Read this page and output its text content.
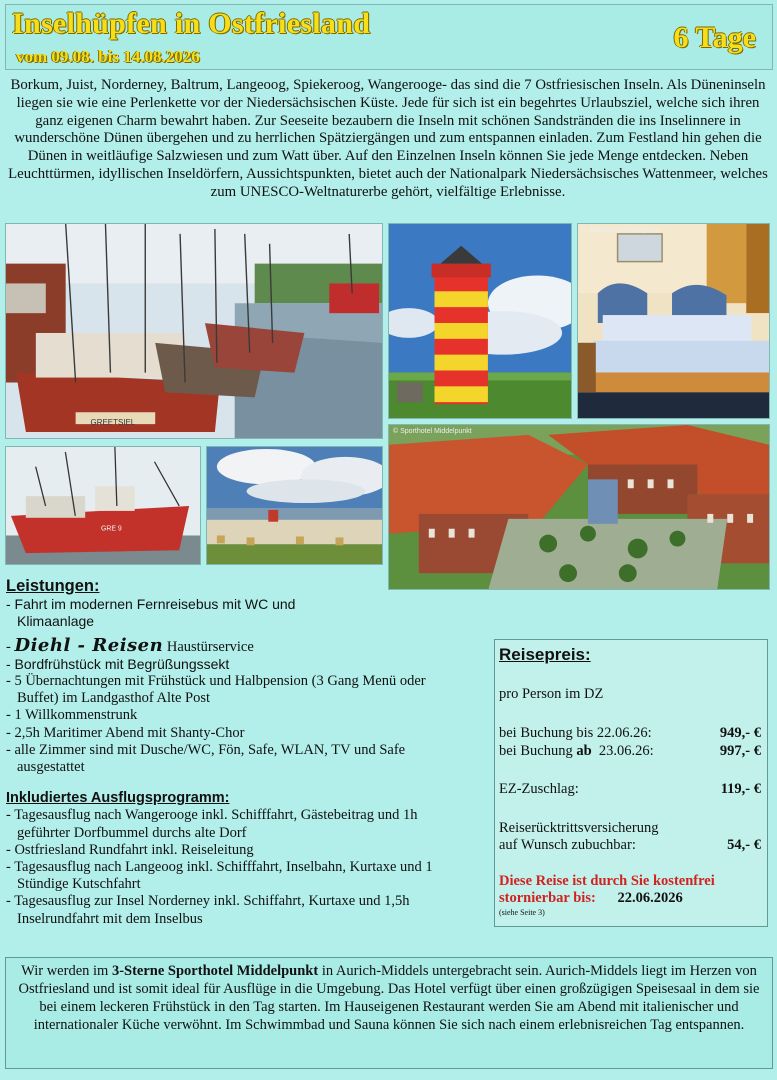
Inselhüpfen in Ostfriesland
vom 09.08. bis 14.08.2026
6 Tage

Borkum, Juist, Norderney, Baltrum, Langeoog, Spiekeroog, Wangerooge- das sind die 7 Ostfriesischen Inseln. Als Düneninseln liegen sie wie eine Perlenkette vor der Niedersächsischen Küste. Jede für sich ist ein begehrtes Urlaubsziel, welche sich ihren ganz eigenen Charm bewahrt haben. Zur Seeseite bezaubern die Inseln mit schönen Sandstränden die ins Inselinnere in wunderschöne Dünen übergehen und zu herrlichen Spätziergängen und zum entspannen einladen. Zum Festland hin gehen die Dünen in weitläufige Salzwiesen und zum Watt über. Auf den Einzelnen Inseln können Sie jede Menge entdecken. Neben Leuchttürmen, idyllischen Inseldörfern, Aussichtspunkten, bietet auch der Nationalpark Niedersächsisches Wattenmeer, welches zum UNESCO-Weltnaturerbe gehört, vielfältige Erlebnisse.

GREETSIEL
© Sporthotel Middelpunkt
GRE 9
© Sporthotel Middelpunkt
Leistungen:
- Fahrt im modernen Fernreisebus mit WC und Klimaanlage
- Diehl - Reisen Haustürservice
- Bordfrühstück mit Begrüßungssekt
- 5 Übernachtungen mit Frühstück und Halbpension (3 Gang Menü oder Buffet) im Landgasthof Alte Post
- 1 Willkommenstrunk
- 2,5h Maritimer Abend mit Shanty-Chor
- alle Zimmer sind mit Dusche/WC, Fön, Safe, WLAN, TV und Safe ausgestattet
Inkludiertes Ausflugsprogramm:
- Tagesausflug nach Wangerooge inkl. Schifffahrt, Gästebeitrag und 1h geführter Dorfbummel durchs alte Dorf
- Ostfriesland Rundfahrt inkl. Reiseleitung
- Tagesausflug nach Langeoog inkl. Schifffahrt, Inselbahn, Kurtaxe und 1 Stündige Kutschfahrt
- Tagesausflug zur Insel Norderney inkl. Schiffahrt, Kurtaxe und 1,5h Inselrundfahrt mit dem Inselbus
Reisepreis:
pro Person im DZ
bei Buchung bis 22.06.26:	949,- €
bei Buchung ab  23.06.26:	997,- €
EZ-Zuschlag:	119,- €
Reiserücktrittsversicherung
auf Wunsch zubuchbar:	54,- €
Diese Reise ist durch Sie kostenfrei
stornierbar bis: 22.06.2026
(siehe Seite 3)
Wir werden im 3-Sterne Sporthotel Middelpunkt in Aurich-Middels untergebracht sein. Aurich-Middels liegt im Herzen von Ostfriesland und ist somit ideal für Ausflüge in die Umgebung. Das Hotel verfügt über einen großzügigen Speisesaal in dem sie bei einem leckeren Frühstück in den Tag starten. Im Hauseigenen Restaurant werden Sie am Abend mit italienischer und internationaler Küche verwöhnt. Im Schwimmbad und Sauna können Sie sich nach einem erlebnisreichen Tag entspannen.
